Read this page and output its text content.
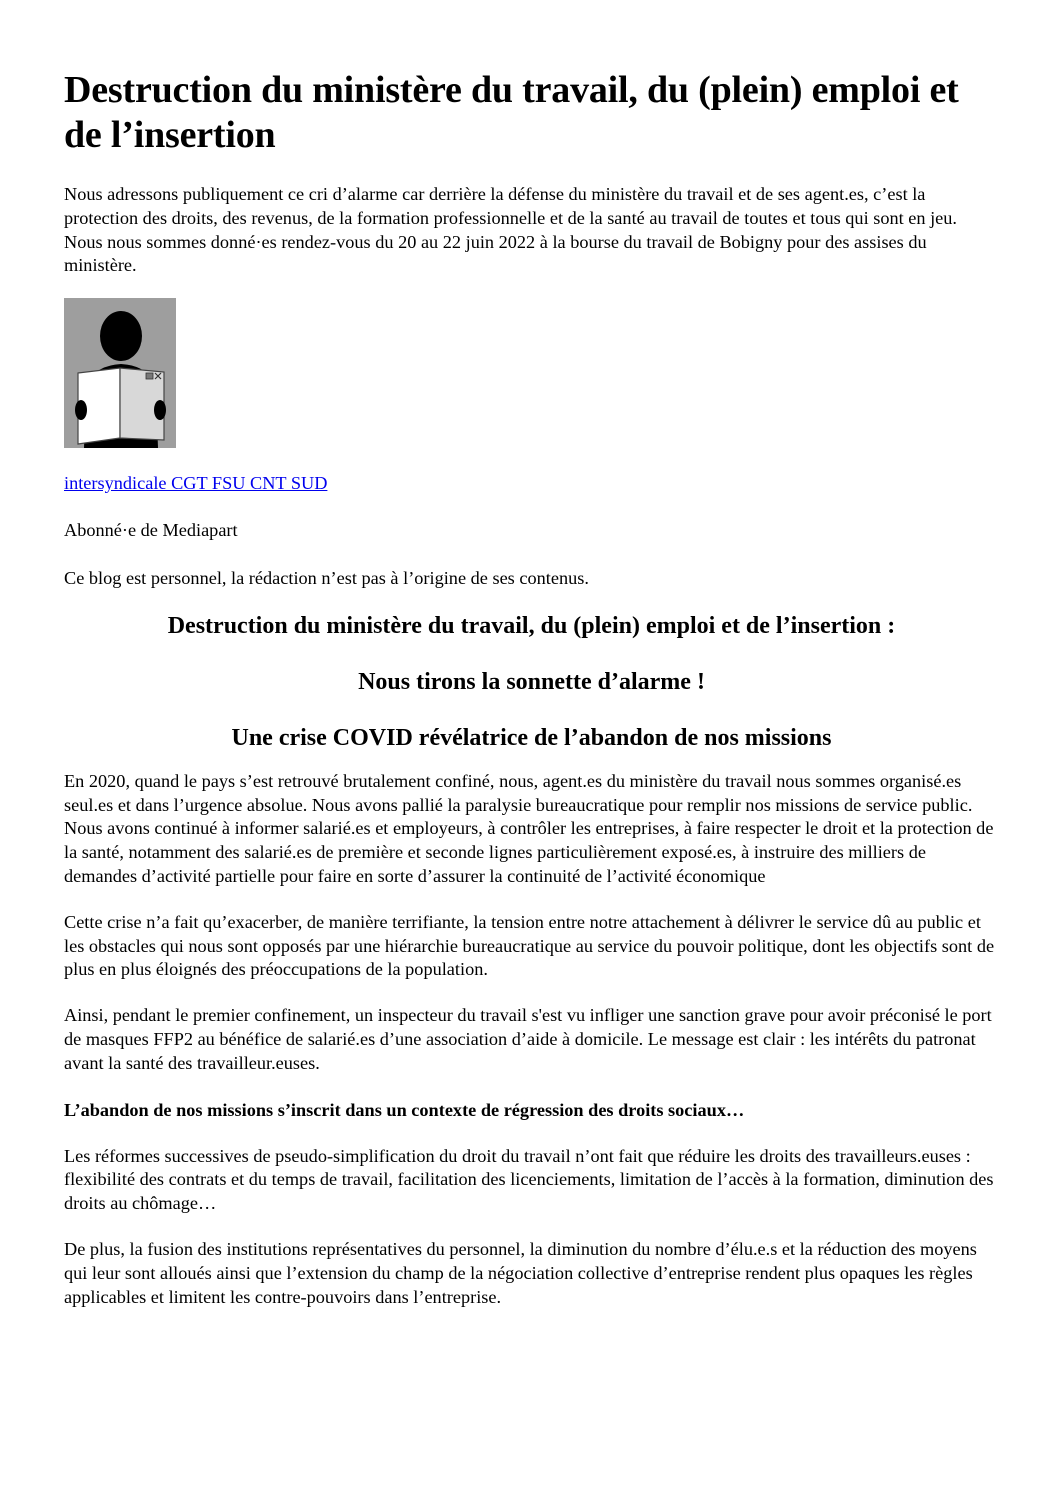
Destruction du ministère du travail, du (plein) emploi et de l’insertion

Nous adressons publiquement ce cri d’alarme car derrière la défense du ministère du travail et de ses agent.es, c’est la protection des droits, des revenus, de la formation professionnelle et de la santé au travail de toutes et tous qui sont en jeu. Nous nous sommes donné·es rendez-vous du 20 au 22 juin 2022 à la bourse du travail de Bobigny pour des assises du ministère.

intersyndicale CGT FSU CNT SUD

Abonné·e de Mediapart

Ce blog est personnel, la rédaction n’est pas à l’origine de ses contenus.

Destruction du ministère du travail, du (plein) emploi et de l’insertion :
Nous tirons la sonnette d’alarme !
Une crise COVID révélatrice de l’abandon de nos missions

En 2020, quand le pays s’est retrouvé brutalement confiné, nous, agent.es du ministère du travail nous sommes organisé.es seul.es et dans l’urgence absolue. Nous avons pallié la paralysie bureaucratique pour remplir nos missions de service public. Nous avons continué à informer salarié.es et employeurs, à contrôler les entreprises, à faire respecter le droit et la protection de la santé, notamment des salarié.es de première et seconde lignes particulièrement exposé.es, à instruire des milliers de demandes d’activité partielle pour faire en sorte d’assurer la continuité de l’activité économique

Cette crise n’a fait qu’exacerber, de manière terrifiante, la tension entre notre attachement à délivrer le service dû au public et les obstacles qui nous sont opposés par une hiérarchie bureaucratique au service du pouvoir politique, dont les objectifs sont de plus en plus éloignés des préoccupations de la population.

Ainsi, pendant le premier confinement, un inspecteur du travail s'est vu infliger une sanction grave pour avoir préconisé le port de masques FFP2 au bénéfice de salarié.es d’une association d’aide à domicile. Le message est clair : les intérêts du patronat avant la santé des travailleur.euses.

L’abandon de nos missions s’inscrit dans un contexte de régression des droits sociaux…

Les réformes successives de pseudo-simplification du droit du travail n’ont fait que réduire les droits des travailleurs.euses : flexibilité des contrats et du temps de travail, facilitation des licenciements, limitation de l’accès à la formation, diminution des droits au chômage…

De plus, la fusion des institutions représentatives du personnel, la diminution du nombre d’élu.e.s et la réduction des moyens qui leur sont alloués ainsi que l’extension du champ de la négociation collective d’entreprise rendent plus opaques les règles applicables et limitent les contre-pouvoirs dans l’entreprise.
